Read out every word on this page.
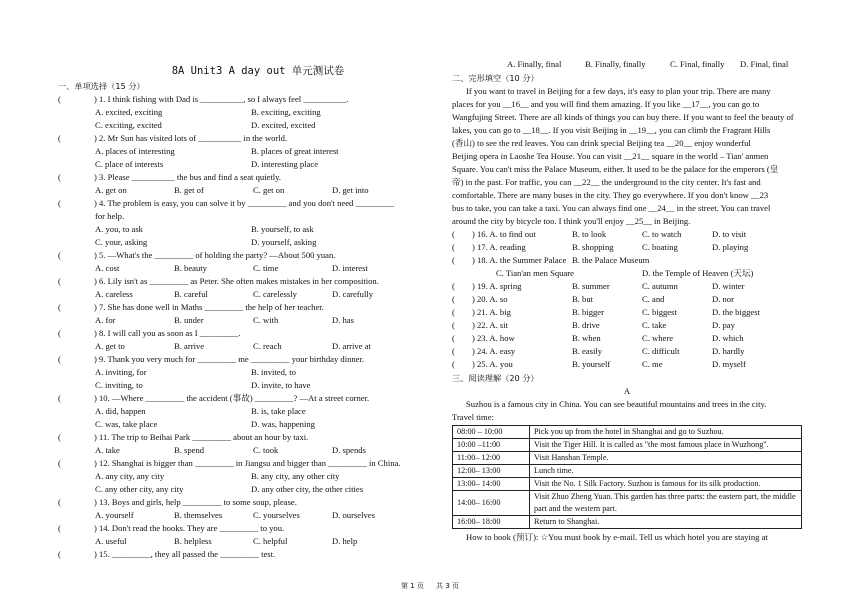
8A Unit3 A day out 单元测试卷
一、单项选择（15 分）
(	) 1. I think fishing with Dad is __________, so I always feel __________.
A. excited, exciting	B. exciting, exciting
C. exciting, excited	D. excited, excited
(	) 2. Mr Sun has visited lots of __________ in the world.
A. places of interesting	B. places of great interest
C. place of interests	D. interesting place
(	) 3. Please __________ the bus and find a seat quietly.
A. get on	B. get of	C. get on	D. get into
(	) 4. The problem is easy, you can solve it by _________ and you don't need _________
for help.
A. you, to ask	B. yourself, to ask
C. your, asking	D. yourself, asking
(	) 5. —What's the _________ of holding the party? —About 500 yuan.
A. cost	B. beauty	C. time	D. interest
(	) 6. Lily isn't as _________ as Peter. She often makes mistakes in her composition.
A. careless	B. careful	C. carelessly	D. carefully
(	) 7. She has done well in Maths _________ the help of her teacher.
A. for	B. under	C. with	D. has
(	) 8. I will call you as soon as I _________.
A. get to	B. arrive	C. reach	D. arrive at
(	) 9. Thank you very much for _________ me _________ your birthday dinner.
A. inviting, for	B. invited, to
C. inviting, to	D. invite, to have
(	) 10. —Where _________ the accident (事故) _________? —At a street corner.
A. did, happen	B. is, take place
C. was, take place	D. was, happening
(	) 11. The trip to Beihai Park _________ about an hour by taxi.
A. take	B. spend	C. took	D. spends
(	) 12. Shanghai is bigger than _________ in Jiangsu and bigger than _________ in China.
A. any city, any city	B. any city, any other city
C. any other city, any city	D. any other city, the other cities
(	) 13. Boys and girls, help _________ to some soup, please.
A. yourself	B. themselves	C. yourselves	D. ourselves
(	) 14. Don't read the books. They are _________ to you.
A. useful	B. helpless	C. helpful	D. help
(	) 15. _________, they all passed the _________ test.
A. Finally, final	B. Finally, finally	C. Final, finally	D. Final, final
二、完形填空（10 分）

If you want to travel in Beijing for a few days, it's easy to plan your trip. There are many

places for you __16__ and you will find them amazing. If you like __17__, you can go to

Wangfujing Street. There are all kinds of things you can buy there. If you want to feel the beauty of

lakes, you can go to __18__. If you visit Beijing in __19__, you can climb the Fragrant Hills

(香山) to see the red leaves. You can drink special Beijing tea __20__ enjoy wonderful

Beijing opera in Laoshe Tea House. You can visit __21__ square in the world – Tian' anmen

Square. You can't miss the Palace Museum, either. It used to be the palace for the emperors (皇

帝) in the past. For traffic, you can __22__ the underground to the city center. It's fast and

comfortable. There are many buses in the city. They go everywhere. If you don't know __23

bus to take, you can take a taxi. You can always find one __24__ in the street. You can travel

around the city by bicycle too. I think you'll enjoy __25__ in Beijing.

(	) 16. A. to find out	B. to look	C. to watch	D. to visit
(	) 17. A. reading	B. shopping	C. boating	D. playing
(	) 18. A. the Summer Palace B. the Palace Museum
C. Tian'an men Square	D. the Temple of Heaven (天坛)
(	) 19. A. spring	B. summer	C. autumn	D. winter
(	) 20. A. so	B. but	C. and	D. nor
(	) 21. A. big	B. bigger	C. biggest	D. the biggest
(	) 22. A. sit	B. drive	C. take	D. pay
(	) 23. A. how	B. when	C. where	D. which
(	) 24. A. easy	B. easily	C. difficult	D. hardly
(	) 25. A. you	B. yourself	C. me	D. myself
三、阅读理解（20 分）
A

Suzhou is a famous city in China. You can see beautiful mountains and trees in the city.

Travel time:

08:00 – 10:00	Pick you up from the hotel in Shanghai and go to Suzhou.
10:00 –11:00	Visit the Tiger Hill. It is called as "the most famous place in Wuzhong".
11:00– 12:00	Visit Hanshan Temple.
12:00– 13:00	Lunch time.
13:00– 14:00	Visit the No. 1 Silk Factory. Suzhou is famous for its silk production.
14:00– 16:00	Visit Zhuo Zheng Yuan. This garden has three parts: the eastern part, the middle part and the western part.
16:00– 18:00	Return to Shanghai.

How to book (预订): ☆You must book by e-mail. Tell us which hotel you are staying at

第 1 页 共 3 页
